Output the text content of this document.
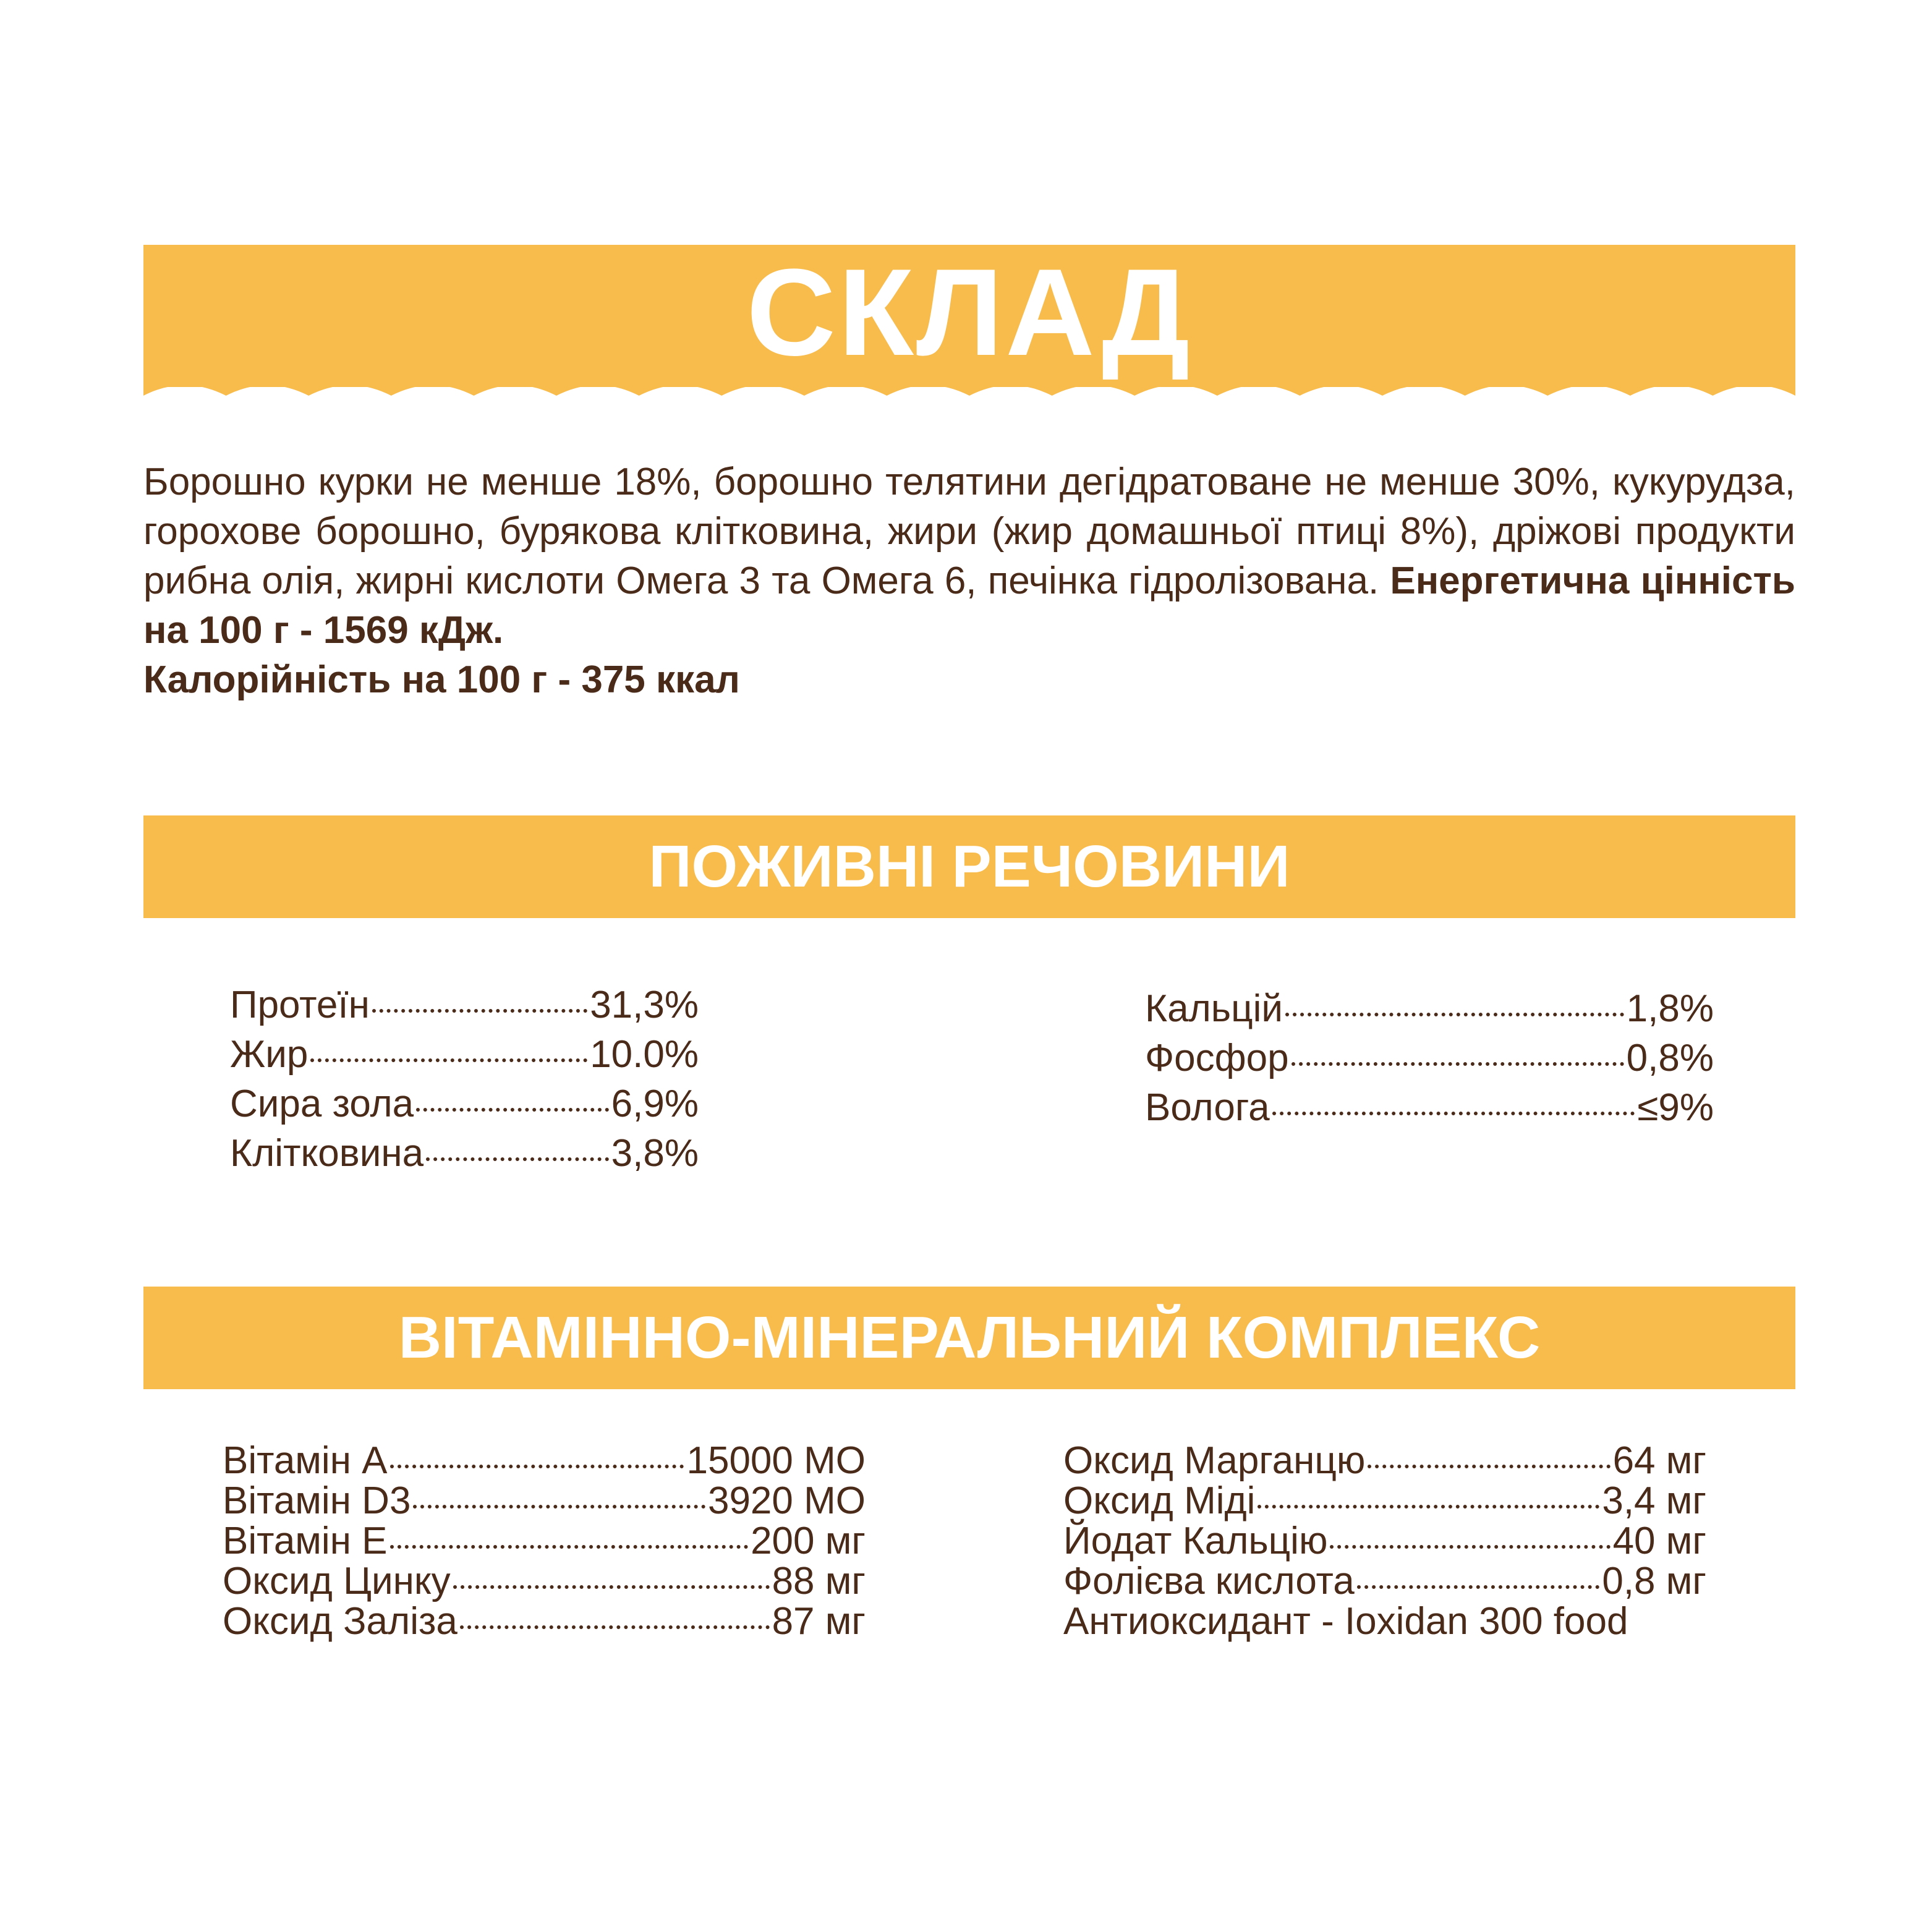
СКЛАД

Борошно курки не менше 18%, борошно телятини дегідратоване не менше 30%, кукурудза, горохове борошно, бурякова клітковина, жири (жир домашньої птиці 8%), дріжові продукти рибна олія, жирні кислоти Омега 3 та Омега 6, печінка гідролізована. Енергетична цінність на 100 г - 1569 кДж.
Калорійність на 100 г - 375 ккал

ПОЖИВНІ РЕЧОВИНИ
Протеїн	31,3%
Жир	10.0%
Сира зола	6,9%
Клітковина	3,8%
Кальцій	1,8%
Фосфор	0,8%
Волога	≤9%
ВІТАМІННО-МІНЕРАЛЬНИЙ КОМПЛЕКС
Вітамін А	15000 МО
Вітамін D3	3920 МО
Вітамін Е	200 мг
Оксид Цинку	88 мг
Оксид Заліза	87 мг
Оксид Марганцю	64 мг
Оксид Міді	3,4 мг
Йодат Кальцію	40 мг
Фолієва кислота	0,8 мг
Антиоксидант - Ioxidan 300 food
